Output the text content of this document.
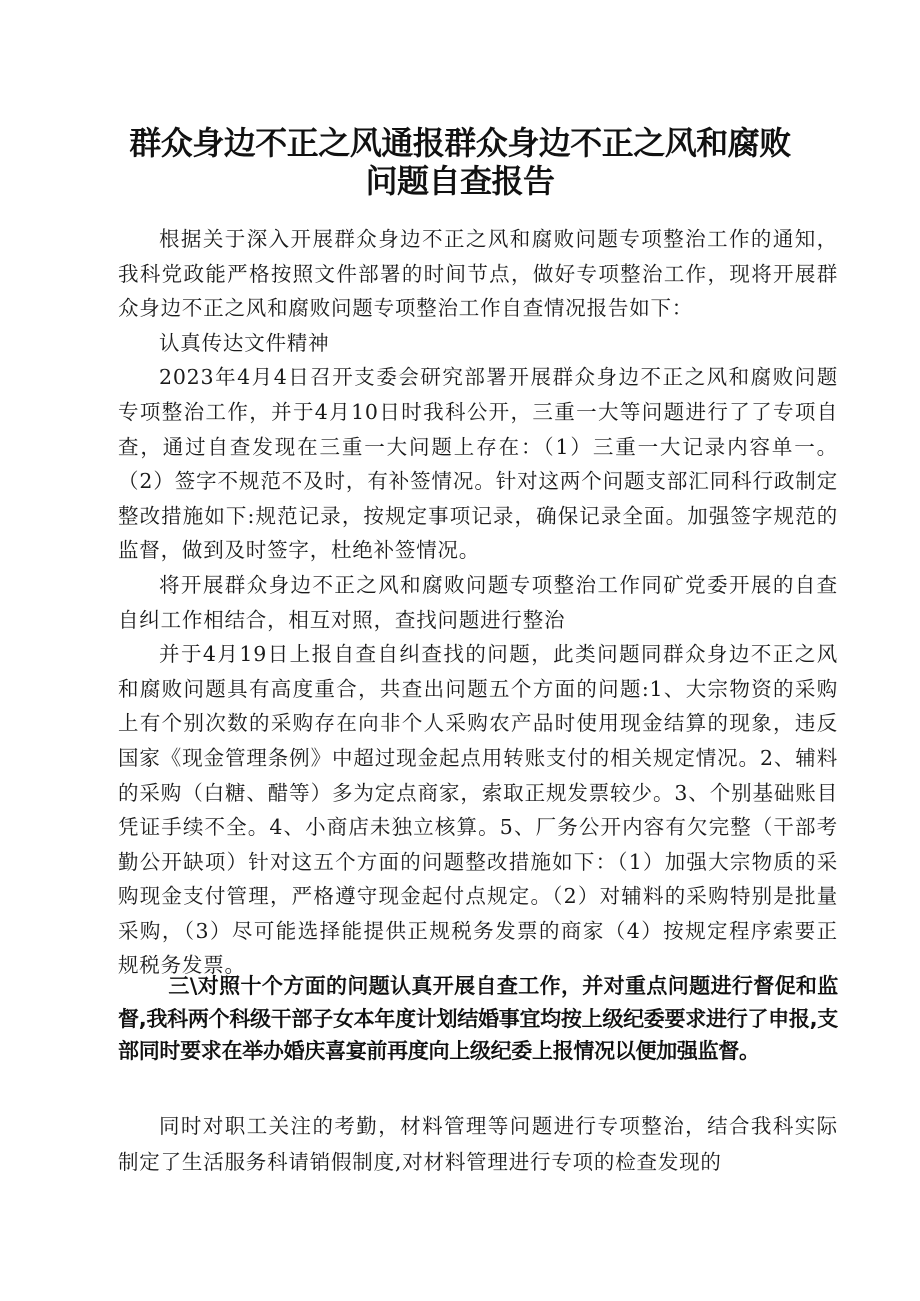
群众身边不正之风通报群众身边不正之风和腐败
问题自查报告

根据关于深入开展群众身边不正之风和腐败问题专项整治工作的通知，我科党政能严格按照文件部署的时间节点，做好专项整治工作，现将开展群众身边不正之风和腐败问题专项整治工作自查情况报告如下：

认真传达文件精神

2023年4月4日召开支委会研究部署开展群众身边不正之风和腐败问题专项整治工作，并于4月10日时我科公开，三重一大等问题进行了了专项自查，通过自查发现在三重一大问题上存在：（1）三重一大记录内容单一。（2）签字不规范不及时，有补签情况。针对这两个问题支部汇同科行政制定整改措施如下:规范记录，按规定事项记录，确保记录全面。加强签字规范的监督，做到及时签字，杜绝补签情况。

将开展群众身边不正之风和腐败问题专项整治工作同矿党委开展的自查自纠工作相结合，相互对照，查找问题进行整治

并于4月19日上报自查自纠查找的问题，此类问题同群众身边不正之风和腐败问题具有高度重合，共查出问题五个方面的问题:1、大宗物资的采购上有个别次数的采购存在向非个人采购农产品时使用现金结算的现象，违反国家《现金管理条例》中超过现金起点用转账支付的相关规定情况。2、辅料的采购（白糖、醋等）多为定点商家，索取正规发票较少。3、个别基础账目凭证手续不全。4、小商店未独立核算。5、厂务公开内容有欠完整（干部考勤公开缺项）针对这五个方面的问题整改措施如下：（1）加强大宗物质的采购现金支付管理，严格遵守现金起付点规定。（2）对辅料的采购特别是批量采购，（3）尽可能选择能提供正规税务发票的商家（4）按规定程序索要正规税务发票。

三\对照十个方面的问题认真开展自查工作，并对重点问题进行督促和监督,我科两个科级干部子女本年度计划结婚事宜均按上级纪委要求进行了申报,支部同时要求在举办婚庆喜宴前再度向上级纪委上报情况以便加强监督。

同时对职工关注的考勤，材料管理等问题进行专项整治，结合我科实际制定了生活服务科请销假制度,对材料管理进行专项的检查发现的
